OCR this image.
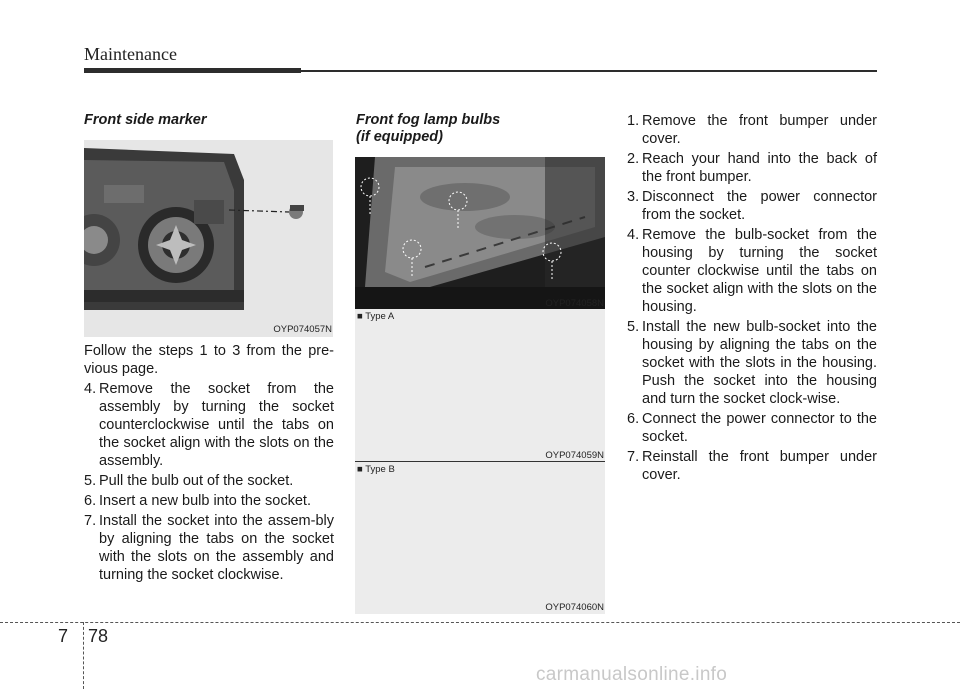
Maintenance
Front side marker
OYP074057N
Follow the steps 1 to 3 from the pre-vious page.
4. Remove the socket from the assembly by turning the socket counterclockwise until the tabs on the socket align with the slots on the assembly.
5. Pull the bulb out of the socket.
6. Insert a new bulb into the socket.
7. Install the socket into the assem-bly by aligning the tabs on the socket with the slots on the assembly and turning the socket clockwise.
Front fog lamp bulbs
(if equipped)
OYP074058N
■ Type A
OYP074059N
■ Type B
OYP074060N
1. Remove the front bumper under cover.
2. Reach your hand into the back of the front bumper.
3. Disconnect the power connector from the socket.
4. Remove the bulb-socket from the housing by turning the socket counter clockwise until the tabs on the socket align with the slots on the housing.
5. Install the new bulb-socket into the housing by aligning the tabs on the socket with the slots in the housing. Push the socket into the housing and turn the socket clock-wise.
6. Connect the power connector to the socket.
7. Reinstall the front bumper under cover.
7 78
carmanualsonline.info
